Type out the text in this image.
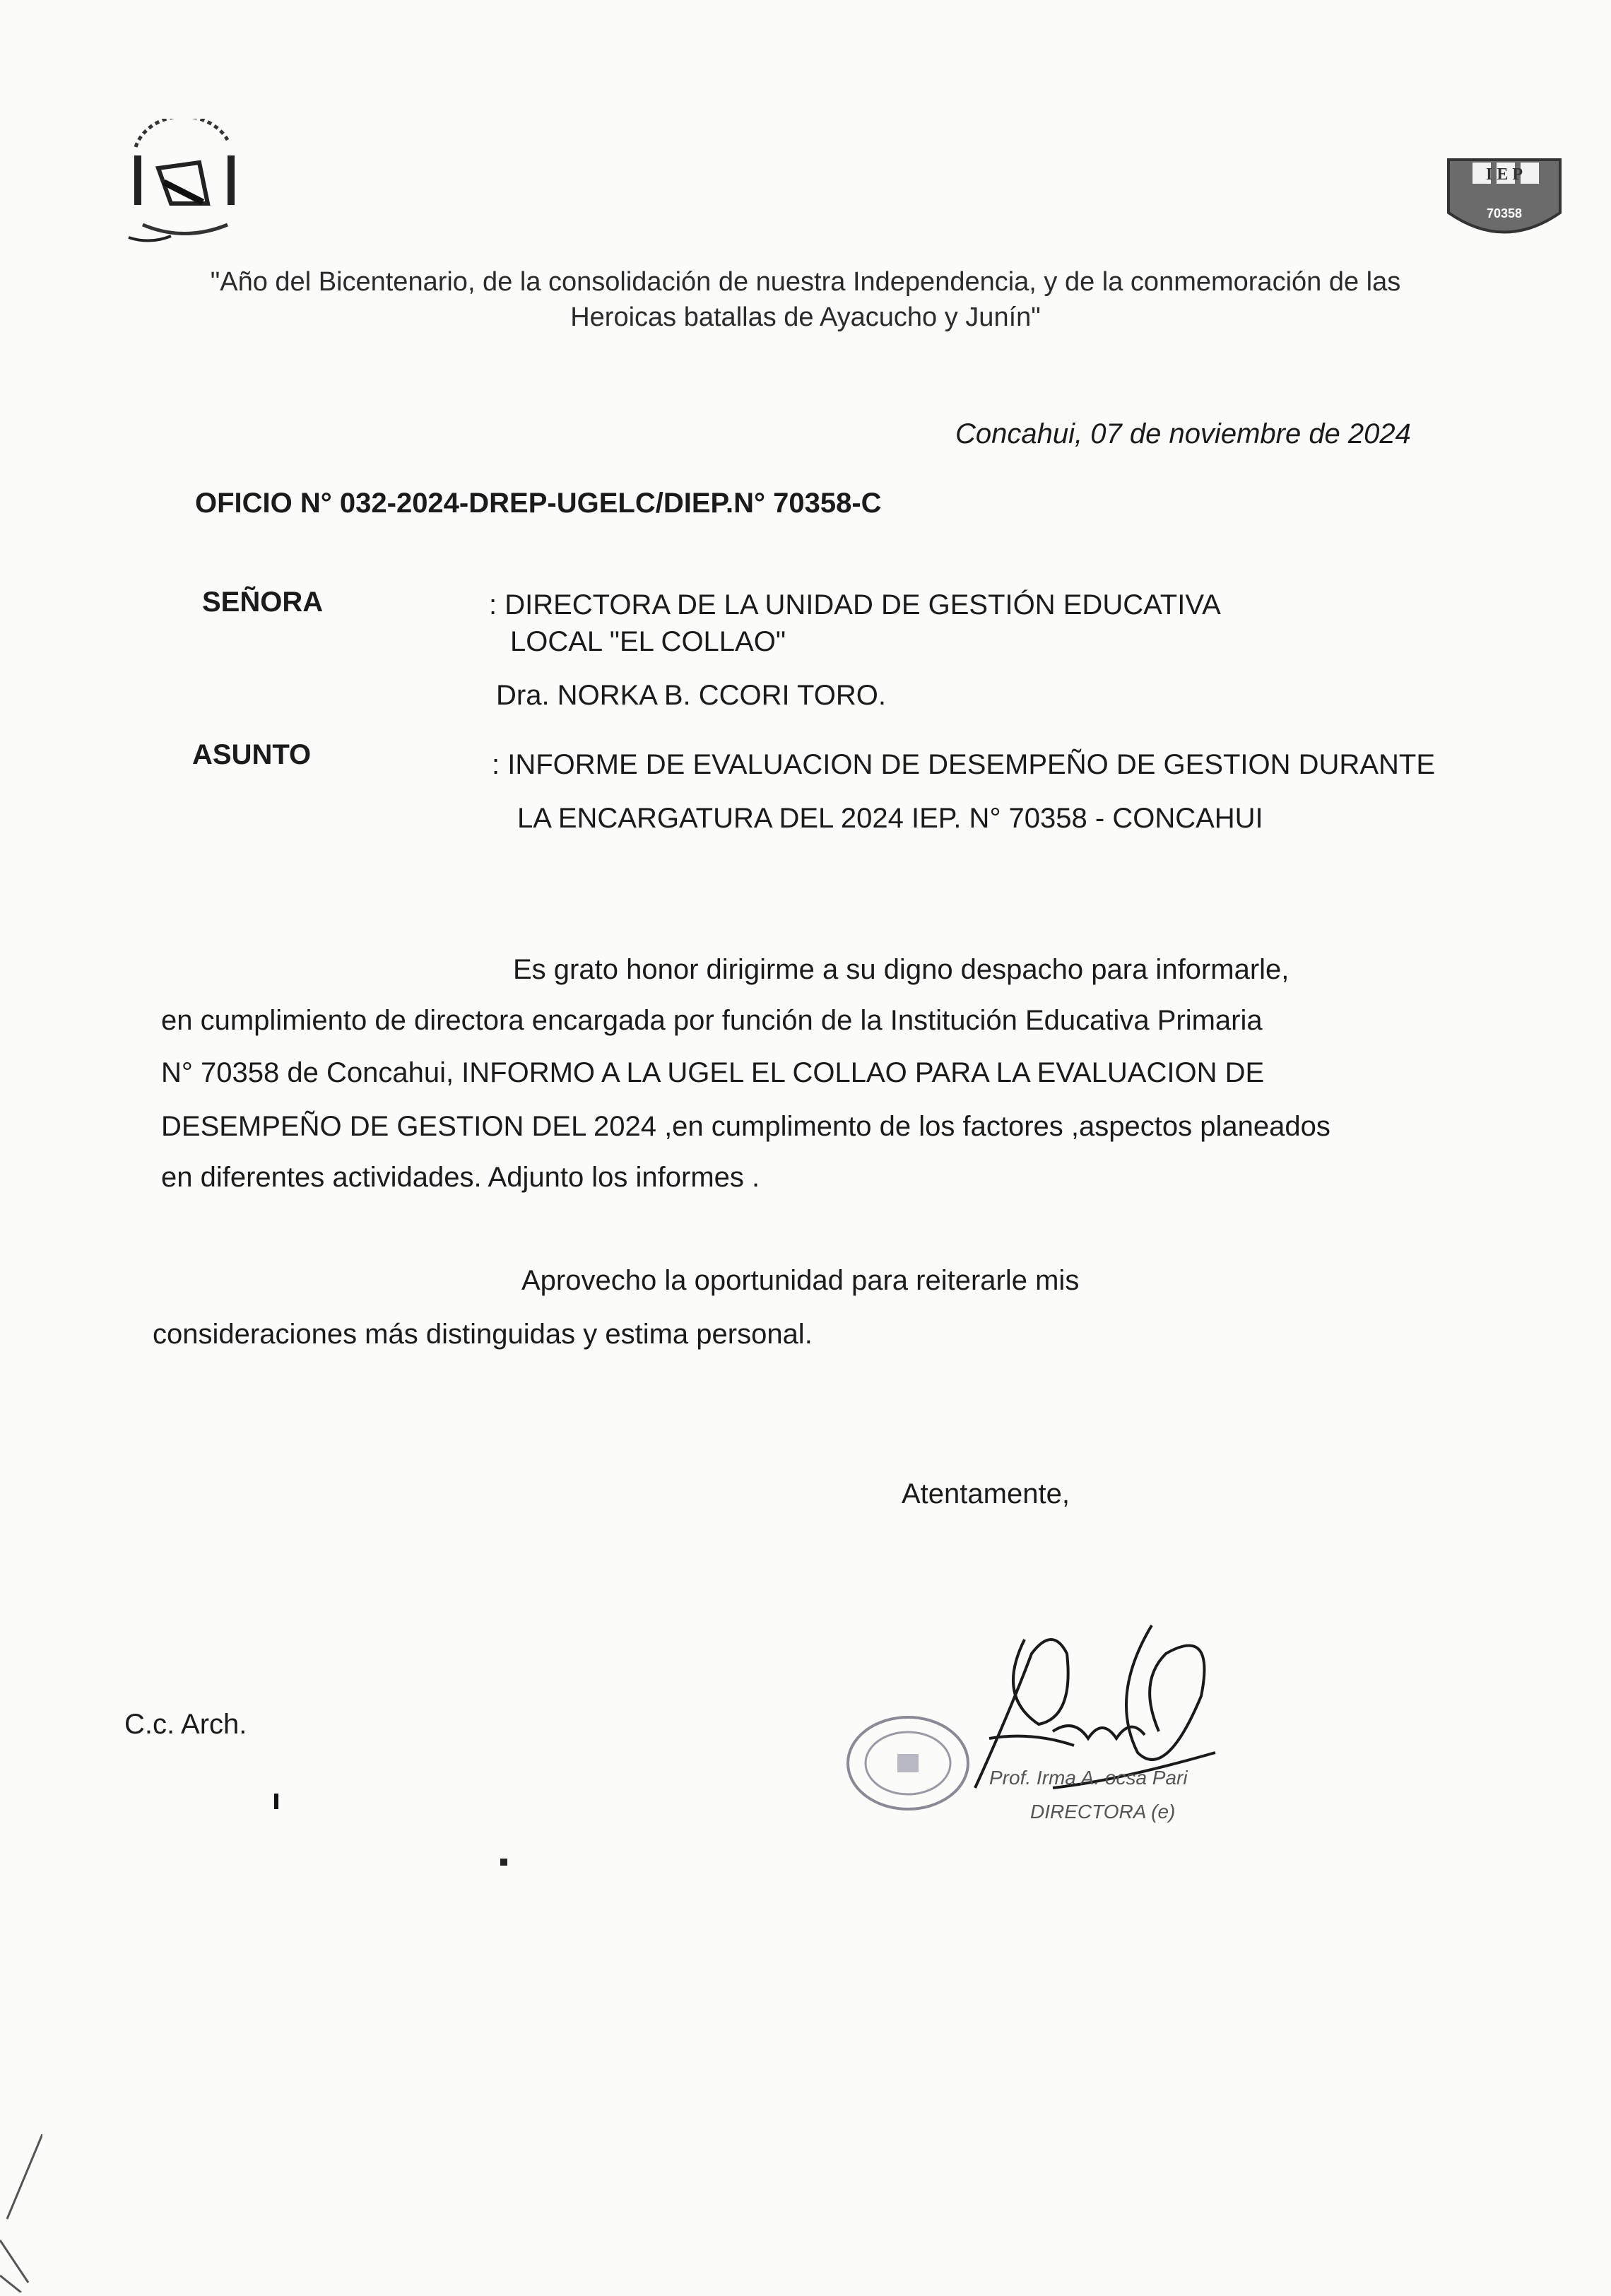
I E P
70358
"Año del Bicentenario, de la consolidación de nuestra Independencia, y de la conmemoración de las
Heroicas batallas de Ayacucho y Junín"
Concahui, 07 de noviembre de 2024
OFICIO N° 032-2024-DREP-UGELC/DIEP.N° 70358-C
SEÑORA	: DIRECTORA DE LA UNIDAD DE GESTIÓN EDUCATIVA
LOCAL "EL COLLAO"
Dra. NORKA B. CCORI TORO.
ASUNTO	: INFORME DE EVALUACION DE DESEMPEÑO DE GESTION DURANTE
LA ENCARGATURA DEL 2024 IEP. N° 70358 - CONCAHUI
Es grato honor dirigirme a su digno despacho para informarle,
en cumplimiento de directora encargada por función de la Institución Educativa Primaria
N° 70358 de Concahui, INFORMO A LA UGEL EL COLLAO PARA LA EVALUACION DE
DESEMPEÑO DE GESTION DEL 2024 ,en cumplimento de los factores ,aspectos planeados
en diferentes actividades. Adjunto los informes .
Aprovecho la oportunidad para reiterarle mis
consideraciones más distinguidas y estima personal.
Atentamente,
C.c. Arch.
Prof. Irma A. ocsa Pari
DIRECTORA (e)
